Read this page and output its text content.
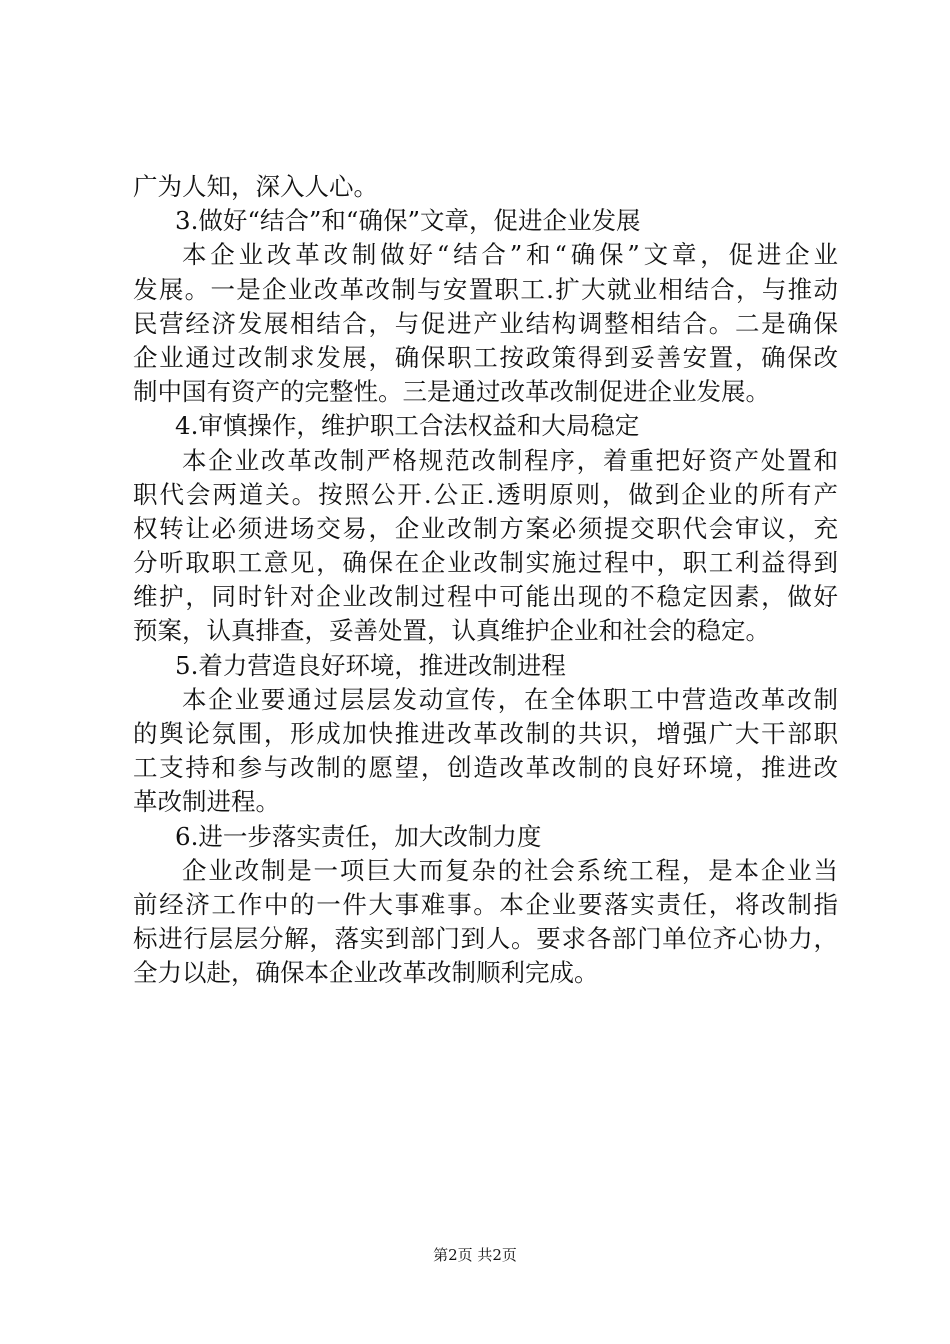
广为人知，深入人心。
3.做好“结合”和“确保”文章，促进企业发展
本企业改革改制做好“结合”和“确保”文章，促进企业
发展。一是企业改革改制与安置职工.扩大就业相结合，与推动
民营经济发展相结合，与促进产业结构调整相结合。二是确保
企业通过改制求发展，确保职工按政策得到妥善安置，确保改
制中国有资产的完整性。三是通过改革改制促进企业发展。
4.审慎操作，维护职工合法权益和大局稳定
本企业改革改制严格规范改制程序，着重把好资产处置和
职代会两道关。按照公开.公正.透明原则，做到企业的所有产
权转让必须进场交易，企业改制方案必须提交职代会审议，充
分听取职工意见，确保在企业改制实施过程中，职工利益得到
维护，同时针对企业改制过程中可能出现的不稳定因素，做好
预案，认真排查，妥善处置，认真维护企业和社会的稳定。
5.着力营造良好环境，推进改制进程
本企业要通过层层发动宣传，在全体职工中营造改革改制
的舆论氛围，形成加快推进改革改制的共识，增强广大干部职
工支持和参与改制的愿望，创造改革改制的良好环境，推进改
革改制进程。
6.进一步落实责任，加大改制力度
企业改制是一项巨大而复杂的社会系统工程，是本企业当
前经济工作中的一件大事难事。本企业要落实责任，将改制指
标进行层层分解，落实到部门到人。要求各部门单位齐心协力，
全力以赴，确保本企业改革改制顺利完成。
第2页 共2页
